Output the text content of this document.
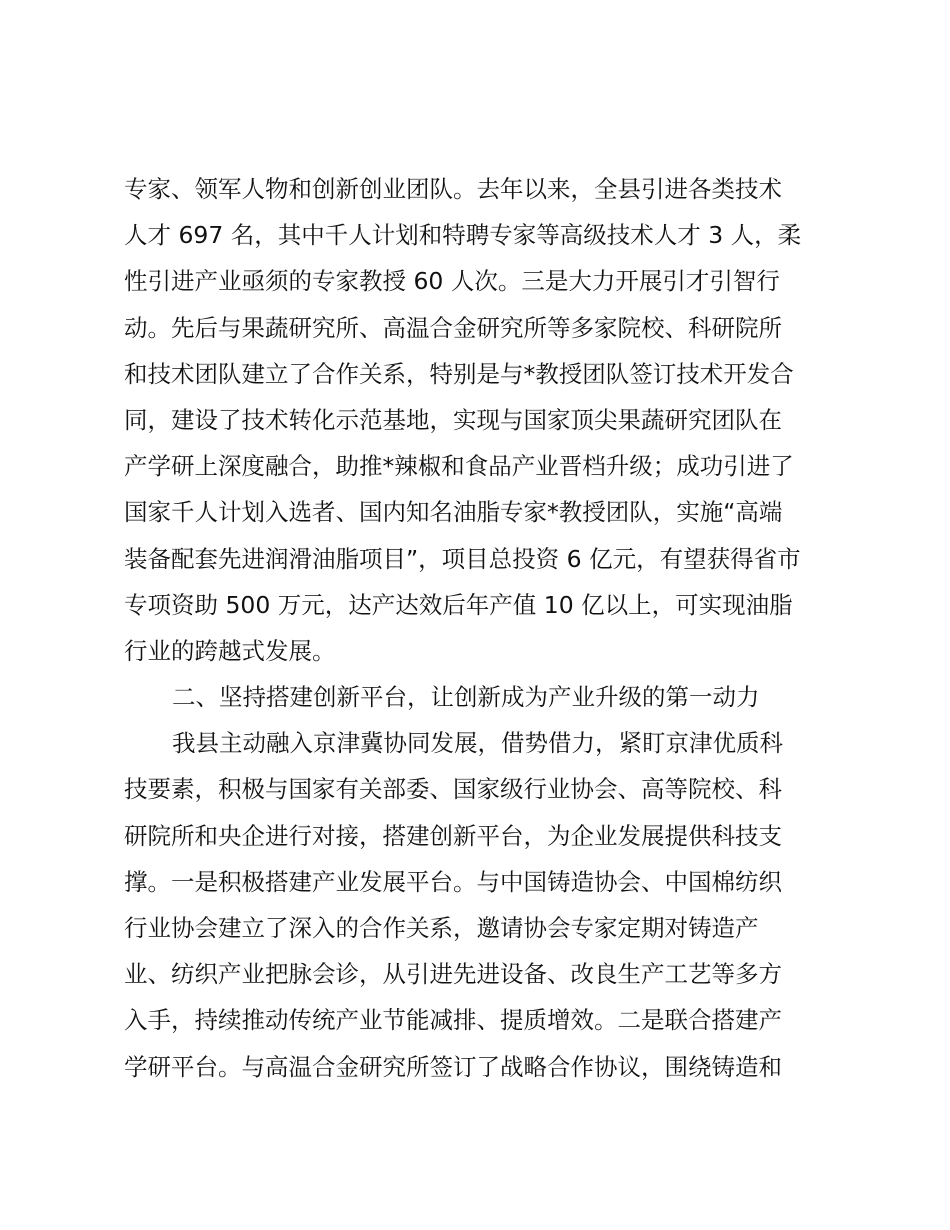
专家、领军人物和创新创业团队。去年以来，全县引进各类技术
人才 697 名，其中千人计划和特聘专家等高级技术人才 3 人，柔
性引进产业亟须的专家教授 60 人次。三是大力开展引才引智行
动。先后与果蔬研究所、高温合金研究所等多家院校、科研院所
和技术团队建立了合作关系，特别是与*教授团队签订技术开发合
同，建设了技术转化示范基地，实现与国家顶尖果蔬研究团队在
产学研上深度融合，助推*辣椒和食品产业晋档升级；成功引进了
国家千人计划入选者、国内知名油脂专家*教授团队，实施“高端
装备配套先进润滑油脂项目”，项目总投资 6 亿元，有望获得省市
专项资助 500 万元，达产达效后年产值 10 亿以上，可实现油脂
行业的跨越式发展。
二、坚持搭建创新平台，让创新成为产业升级的第一动力
我县主动融入京津冀协同发展，借势借力，紧盯京津优质科
技要素，积极与国家有关部委、国家级行业协会、高等院校、科
研院所和央企进行对接，搭建创新平台，为企业发展提供科技支
撑。一是积极搭建产业发展平台。与中国铸造协会、中国棉纺织
行业协会建立了深入的合作关系，邀请协会专家定期对铸造产
业、纺织产业把脉会诊，从引进先进设备、改良生产工艺等多方
入手，持续推动传统产业节能减排、提质增效。二是联合搭建产
学研平台。与高温合金研究所签订了战略合作协议，围绕铸造和
